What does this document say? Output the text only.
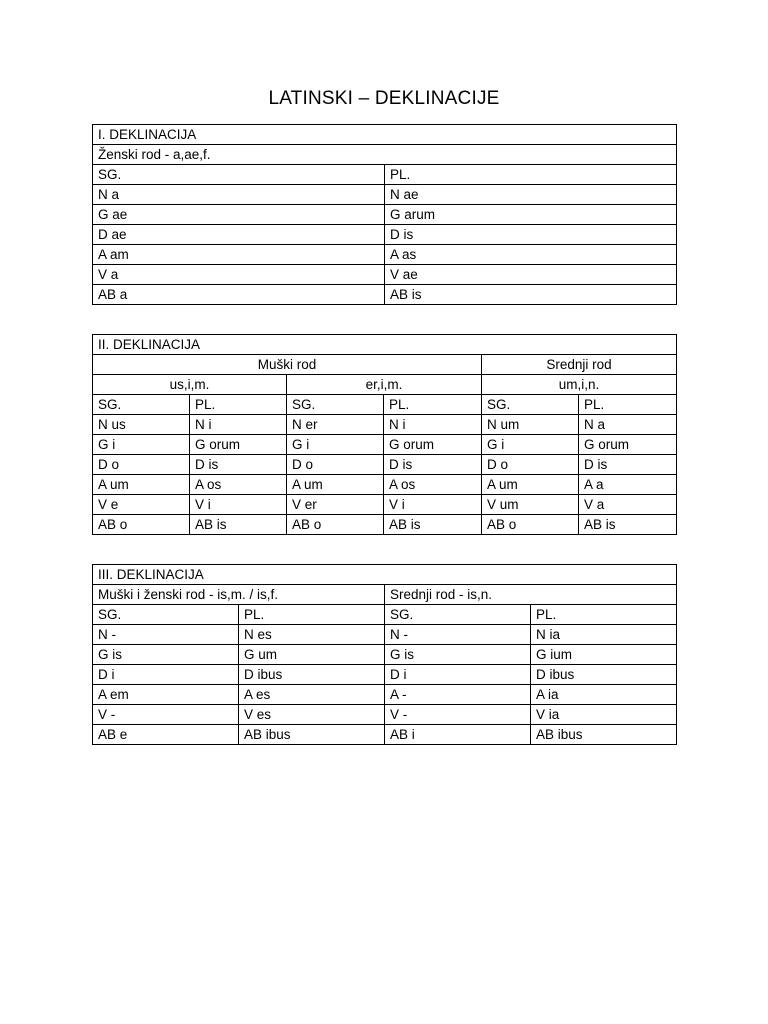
LATINSKI – DEKLINACIJE
I. DEKLINACIJA	
Ženski rod - a,ae,f.	
SG.	PL.
N a	N ae
G ae	G arum
D ae	D is
A am	A as
V a	V ae
AB a	AB is
II. DEKLINACIJA					
Muški rod				Srednji rod	
us,i,m.		er,i,m.		um,i,n.	
SG.	PL.	SG.	PL.	SG.	PL.
N us	N i	N er	N i	N um	N a
G i	G orum	G i	G orum	G i	G orum
D o	D is	D o	D is	D o	D is
A um	A os	A um	A os	A um	A a
V e	V i	V er	V i	V um	V a
AB o	AB is	AB o	AB is	AB o	AB is
III. DEKLINACIJA			
Muški i ženski rod - is,m. / is,f.		Srednji rod - is,n.	
SG.	PL.	SG.	PL.
N -	N es	N -	N ia
G is	G um	G is	G ium
D i	D ibus	D i	D ibus
A em	A es	A -	A ia
V -	V es	V -	V ia
AB e	AB ibus	AB i	AB ibus
